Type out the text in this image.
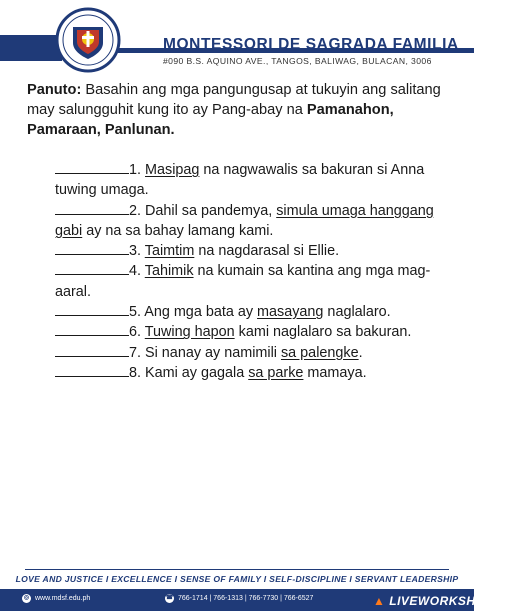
MONTESSORI DE SAGRADA FAMILIA
#090 B.S. AQUINO AVE., TANGOS, BALIWAG, BULACAN, 3006
Panuto: Basahin ang mga pangungusap at tukuyin ang salitang may salungguhit kung ito ay Pang-abay na Pamanahon, Pamaraan, Panlunan.

1. Masipag na nagwawalis sa bakuran si Anna tuwing umaga.

2. Dahil sa pandemya, simula umaga hanggang gabi ay na sa bahay lamang kami.

3. Taimtim na nagdarasal si Ellie.

4. Tahimik na kumain sa kantina ang mga mag-aaral.

5. Ang mga bata ay masayang naglalaro.

6. Tuwing hapon kami naglalaro sa bakuran.

7. Si nanay ay namimili sa palengke.

8. Kami ay gagala sa parke mamaya.

LOVE AND JUSTICE I EXCELLENCE I SENSE OF FAMILY I SELF-DISCIPLINE I SERVANT LEADERSHIP
◎ www.mdsf.edu.ph	☎ 766-1714 | 766-1313 | 766-7730 | 766-6527	▲ LIVEWORKSHEETS
